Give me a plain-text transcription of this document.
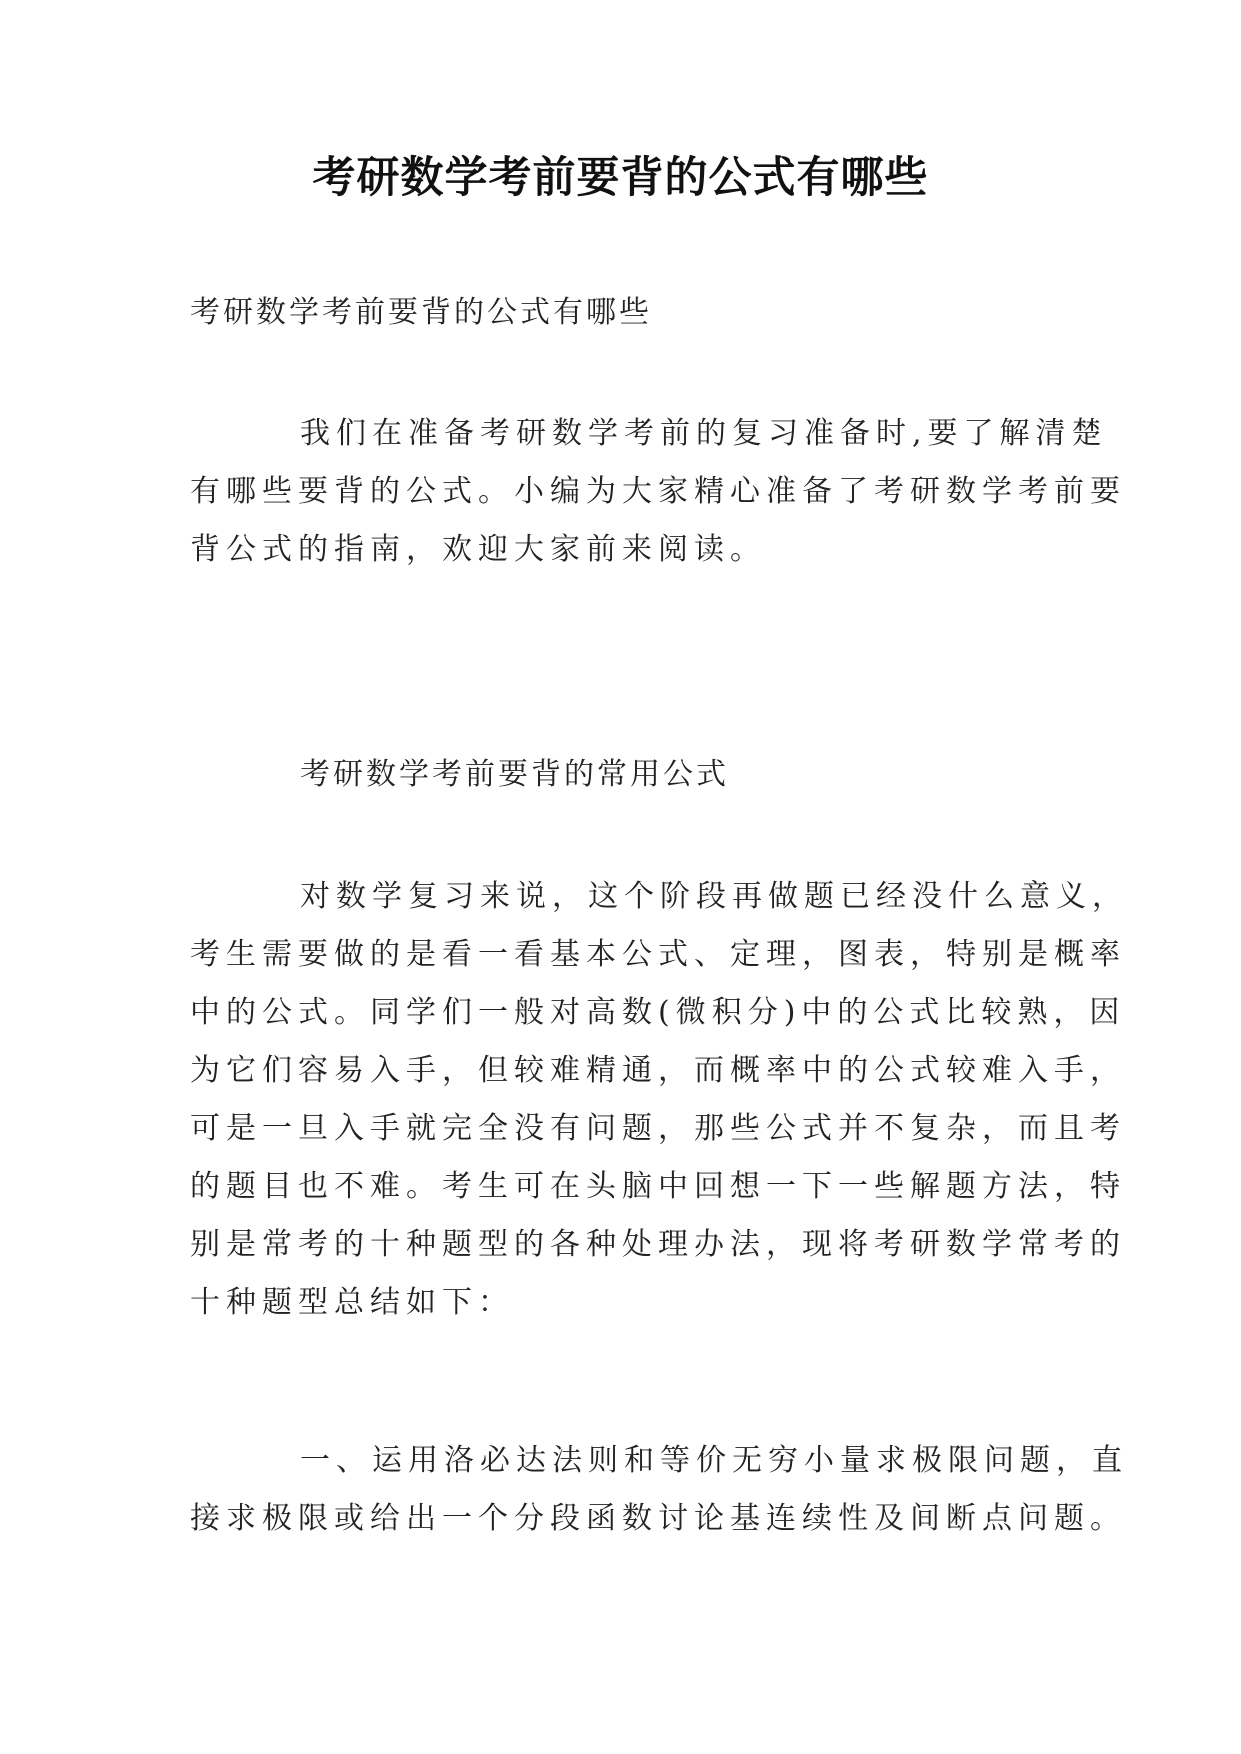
考研数学考前要背的公式有哪些
考研数学考前要背的公式有哪些
我们在准备考研数学考前的复习准备时,要了解清楚
有哪些要背的公式。小编为大家精心准备了考研数学考前要
背公式的指南，欢迎大家前来阅读。
考研数学考前要背的常用公式
对数学复习来说，这个阶段再做题已经没什么意义，
考生需要做的是看一看基本公式、定理，图表，特别是概率
中的公式。同学们一般对高数(微积分)中的公式比较熟，因
为它们容易入手，但较难精通，而概率中的公式较难入手，
可是一旦入手就完全没有问题，那些公式并不复杂，而且考
的题目也不难。考生可在头脑中回想一下一些解题方法，特
别是常考的十种题型的各种处理办法，现将考研数学常考的
十种题型总结如下：
一、运用洛必达法则和等价无穷小量求极限问题，直
接求极限或给出一个分段函数讨论基连续性及间断点问题。
